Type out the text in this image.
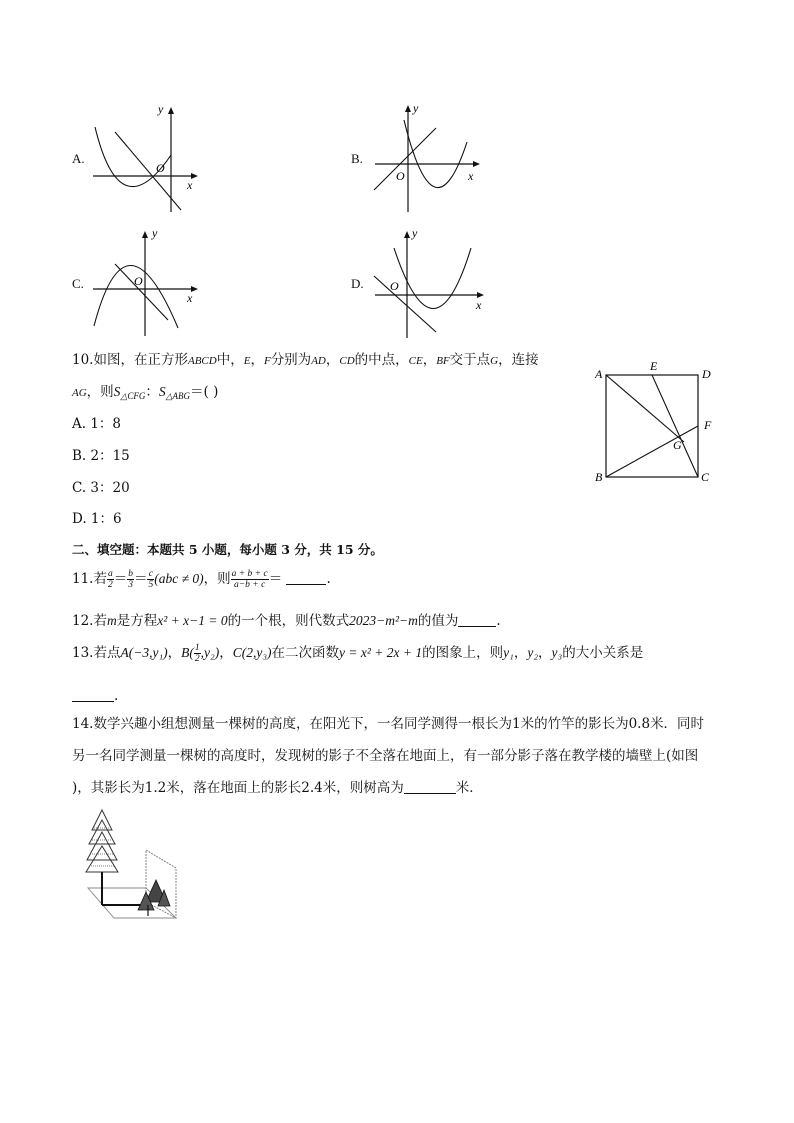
A.
x
y
O
B.
x
y
O
C.
x
y
O	D.
x
y
O
10.如图，在正方形ABCD中，E，F分别为AD，CD的中点，CE，BF交于点G，连接
AG，则$S_{\triangle CFG}$：$S_{\triangle ABG}=$( )
A. 1：8
B. 2：15
C. 3：20
D. 1：6
A
E
D
F
G
B	C
二、填空题：本题共 5 小题，每小题 3 分，共 15 分。
11.若 $\frac{a}{2} = \frac{b}{3} = \frac{c}{5} (abc \ne 0)$，则 $\frac{a + b + c}{a-b + c}$ ＝	.
12.若m是方程x² + x−1 = 0的一个根，则代数式2023−m²−m的值为	.
13.若点A(−3,y₁)，$B( \frac{1}{2} ,y_2)$，C(2,y₃)在二次函数y = x² + 2x + 1的图象上，则y₁，y₂，y₃的大小关系是
.
14.数学兴趣小组想测量一棵树的高度，在阳光下，一名同学测得一根长为1米的竹竿的影长为0.8米．同时
另一名同学测量一棵树的高度时，发现树的影子不全落在地面上，有一部分影子落在教学楼的墙壁上(如图
)，其影长为1.2米，落在地面上的影长2.4米，则树高为	米．
